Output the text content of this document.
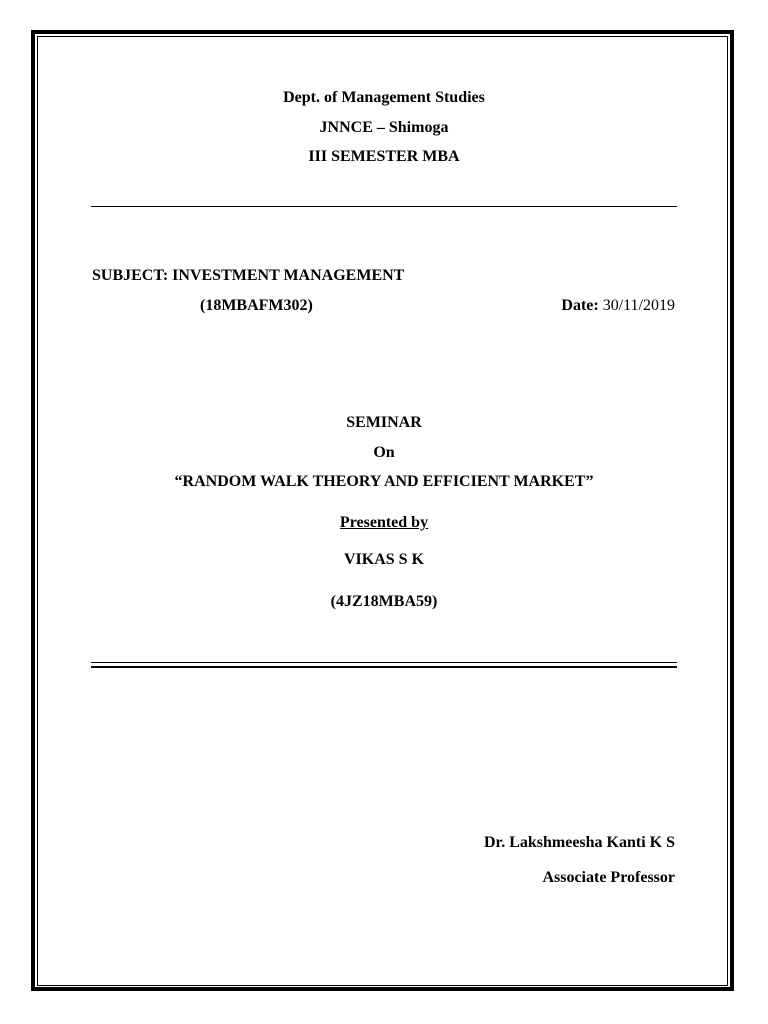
Dept. of Management Studies
JNNCE – Shimoga
III SEMESTER MBA
SUBJECT: INVESTMENT MANAGEMENT
(18MBAFM302)	Date: 30/11/2019
SEMINAR
On
“RANDOM WALK THEORY AND EFFICIENT MARKET”
Presented by
VIKAS S K
(4JZ18MBA59)
Dr. Lakshmeesha Kanti K S
Associate Professor
